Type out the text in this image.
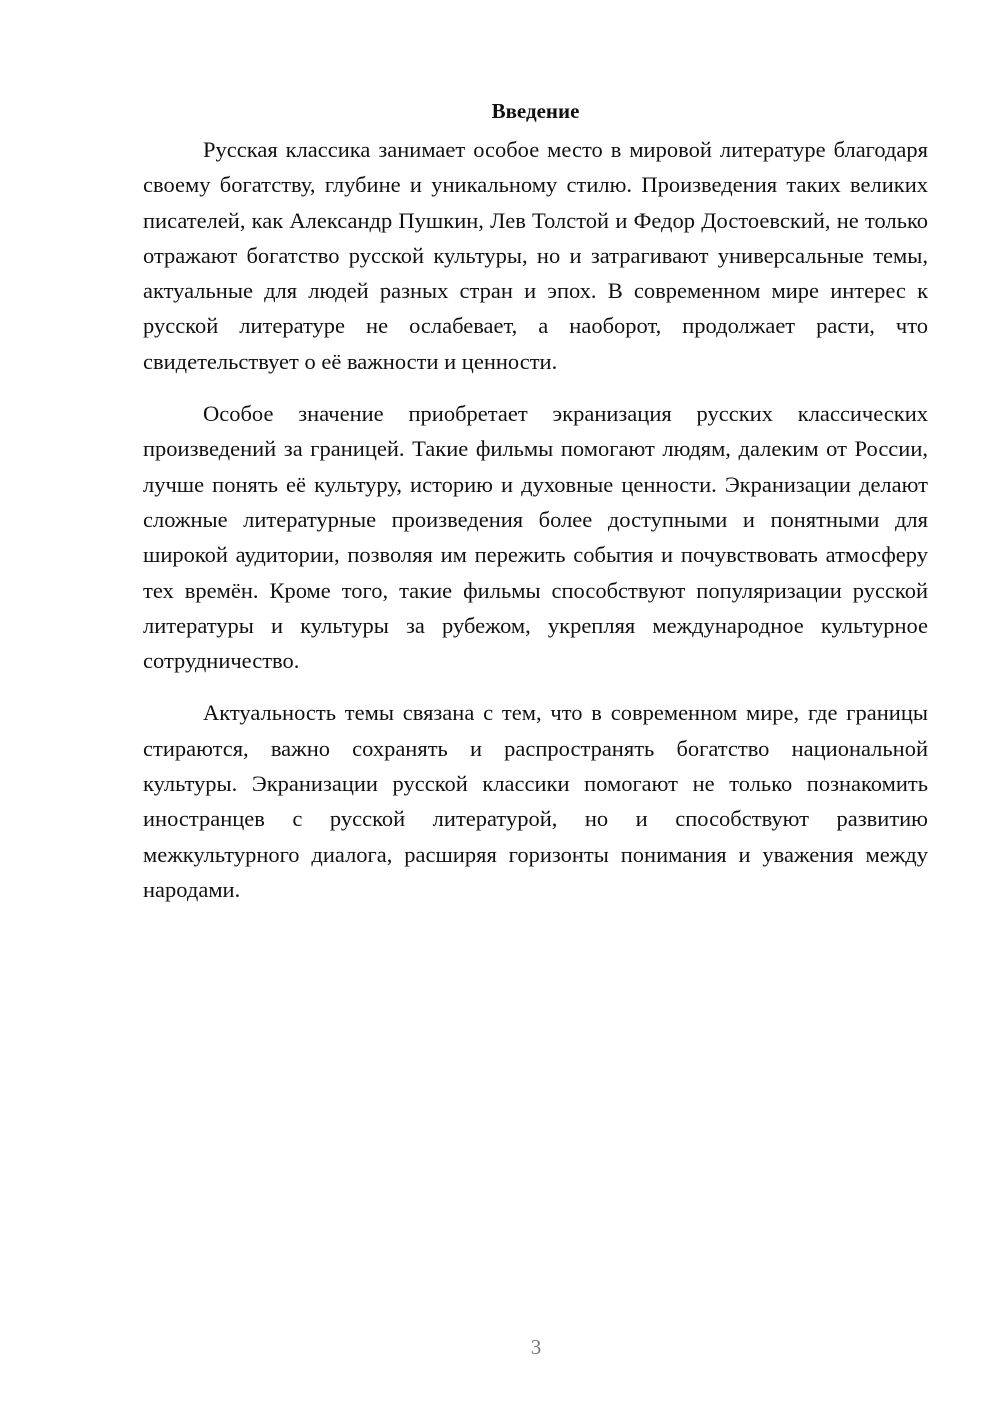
Введение

Русская классика занимает особое место в мировой литературе благодаря своему богатству, глубине и уникальному стилю. Произведения таких великих писателей, как Александр Пушкин, Лев Толстой и Федор Достоевский, не только отражают богатство русской культуры, но и затрагивают универсальные темы, актуальные для людей разных стран и эпох. В современном мире интерес к русской литературе не ослабевает, а наоборот, продолжает расти, что свидетельствует о её важности и ценности.

Особое значение приобретает экранизация русских классических произведений за границей. Такие фильмы помогают людям, далеким от России, лучше понять её культуру, историю и духовные ценности. Экранизации делают сложные литературные произведения более доступными и понятными для широкой аудитории, позволяя им пережить события и почувствовать атмосферу тех времён. Кроме того, такие фильмы способствуют популяризации русской литературы и культуры за рубежом, укрепляя международное культурное сотрудничество.

Актуальность темы связана с тем, что в современном мире, где границы стираются, важно сохранять и распространять богатство национальной культуры. Экранизации русской классики помогают не только познакомить иностранцев с русской литературой, но и способствуют развитию межкультурного диалога, расширяя горизонты понимания и уважения между народами.

3
